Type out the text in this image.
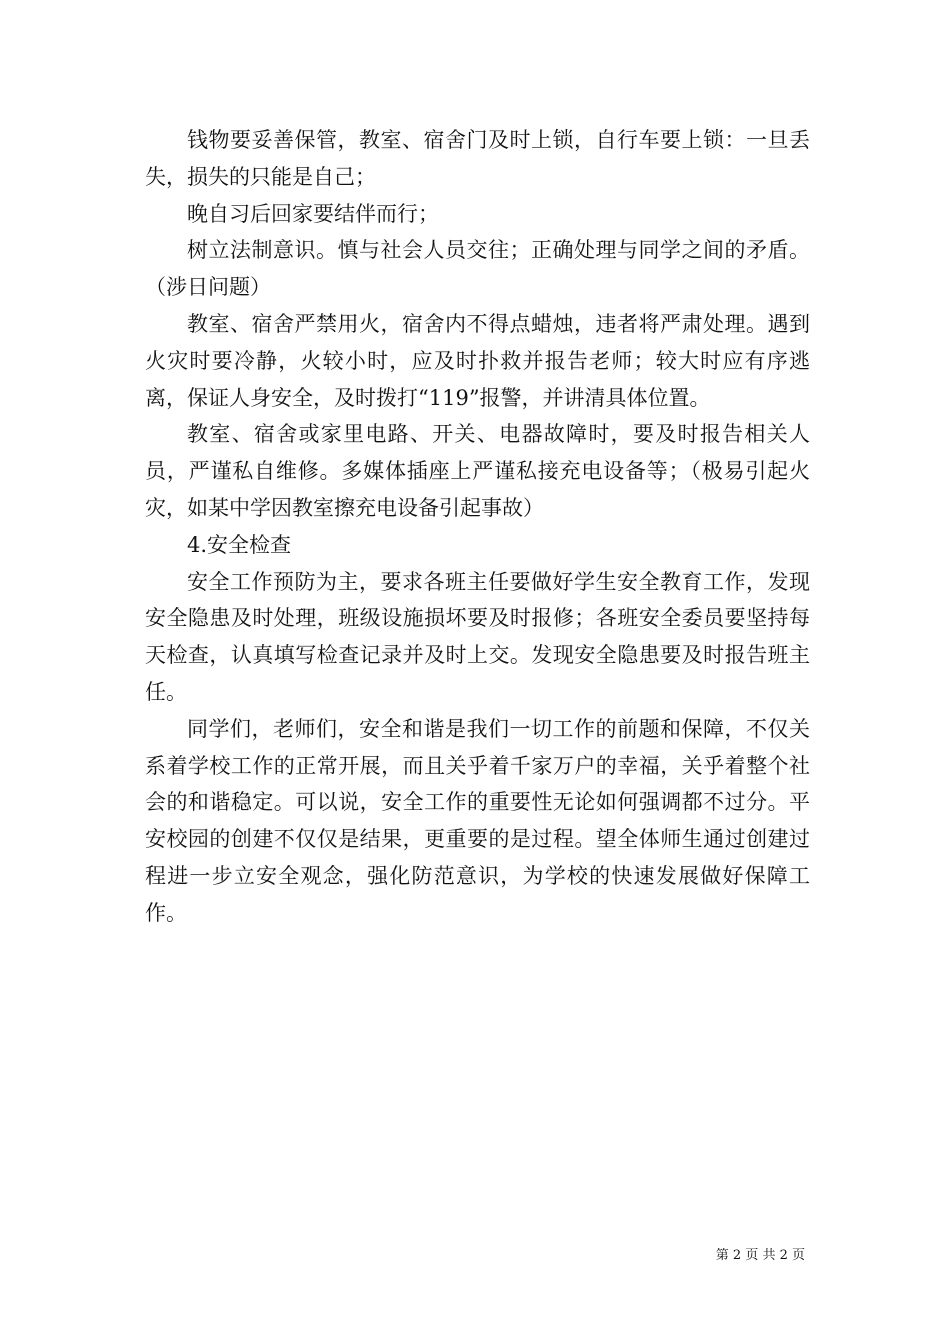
钱物要妥善保管，教室、宿舍门及时上锁，自行车要上锁：一旦丢失，损失的只能是自己；

晚自习后回家要结伴而行；

树立法制意识。慎与社会人员交往；正确处理与同学之间的矛盾。（涉日问题）

教室、宿舍严禁用火，宿舍内不得点蜡烛，违者将严肃处理。遇到火灾时要冷静，火较小时，应及时扑救并报告老师；较大时应有序逃离，保证人身安全，及时拨打“119”报警，并讲清具体位置。

教室、宿舍或家里电路、开关、电器故障时，要及时报告相关人员，严谨私自维修。多媒体插座上严谨私接充电设备等；（极易引起火灾，如某中学因教室擦充电设备引起事故）

4.安全检查

安全工作预防为主，要求各班主任要做好学生安全教育工作，发现安全隐患及时处理，班级设施损坏要及时报修；各班安全委员要坚持每天检查，认真填写检查记录并及时上交。发现安全隐患要及时报告班主任。

同学们，老师们，安全和谐是我们一切工作的前题和保障，不仅关系着学校工作的正常开展，而且关乎着千家万户的幸福，关乎着整个社会的和谐稳定。可以说，安全工作的重要性无论如何强调都不过分。平安校园的创建不仅仅是结果，更重要的是过程。望全体师生通过创建过程进一步立安全观念，强化防范意识，为学校的快速发展做好保障工作。

第 2 页 共 2 页
